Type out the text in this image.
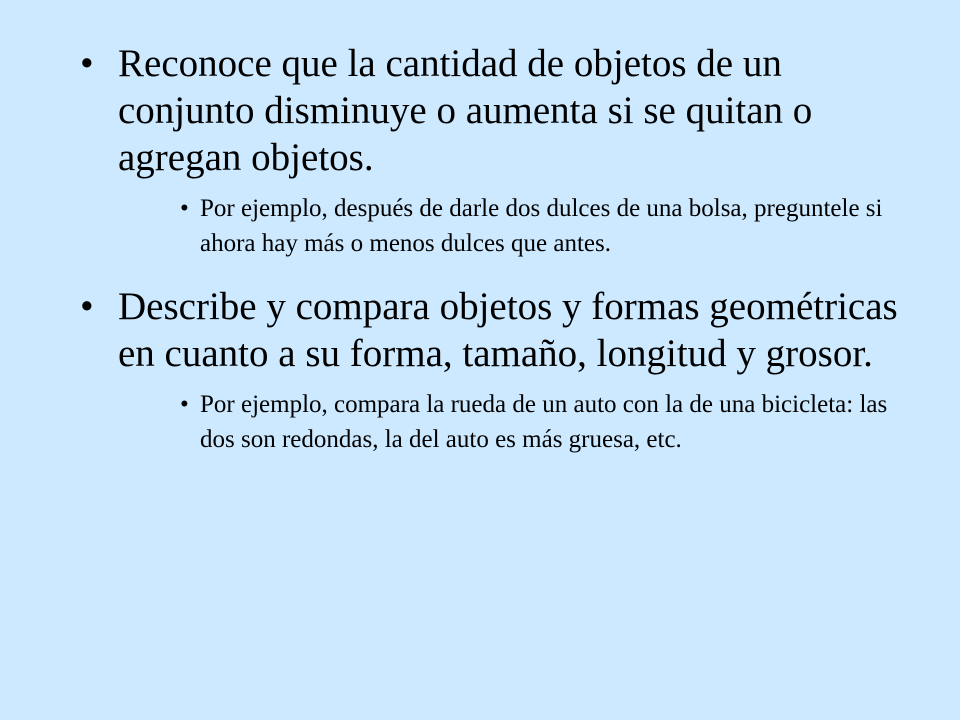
• Reconoce que la cantidad de objetos de un conjunto disminuye o aumenta si se quitan o agregan objetos.
• Por ejemplo, después de darle dos dulces de una bolsa, preguntele si ahora hay más o menos dulces que antes.
• Describe y compara objetos y formas geométricas en cuanto a su forma, tamaño, longitud y grosor.
• Por ejemplo, compara la rueda de un auto con la de una bicicleta: las dos son redondas, la del auto es más gruesa, etc.
